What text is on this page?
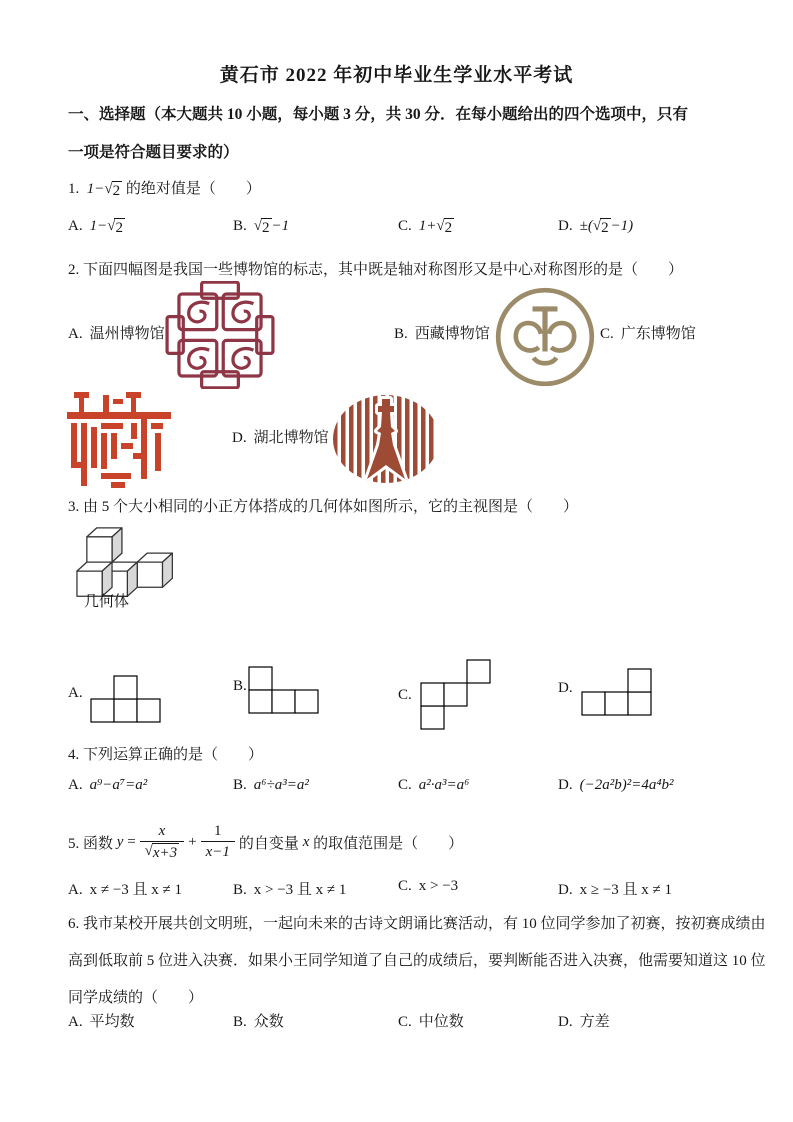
黄石市 2022 年初中毕业生学业水平考试
一、选择题（本大题共 10 小题，每小题 3 分，共 30 分．在每小题给出的四个选项中，只有
一项是符合题目要求的）
1. 1− √ 2 的绝对值是（　　）
A. 1− √ 2	B. √ 2 −1	C. 1+ √ 2	D. ±( √ 2 −1)
2. 下面四幅图是我国一些博物馆的标志，其中既是轴对称图形又是中心对称图形的是（　　）
A. 温州博物馆	B. 西藏博物馆	C. 广东博物馆
D. 湖北博物馆
3. 由 5 个大小相同的小正方体搭成的几何体如图所示，它的主视图是（　　）
几何体
A.	B.
C.	D.
4. 下列运算正确的是（　　）
A. a⁹−a⁷=a²	B. a⁶÷a³=a²	C. a²·a³=a⁶	D. (−2a²b)²=4a⁴b²
5. 函数
y
= $\frac{x}{√ x+3} + \frac{1}{x-1}$ 的自变量
x
的取值范围是（　　）
A. x ≠ −3 且 x ≠ 1	B. x > −3 且 x ≠ 1	C. x > −3	D. x ≥ −3 且 x ≠ 1
6. 我市某校开展共创文明班，一起向未来的古诗文朗诵比赛活动，有 10 位同学参加了初赛，按初赛成绩由
高到低取前 5 位进入决赛．如果小王同学知道了自己的成绩后，要判断能否进入决赛，他需要知道这 10 位
同学成绩的（　　）
A. 平均数	B. 众数	C. 中位数	D. 方差
